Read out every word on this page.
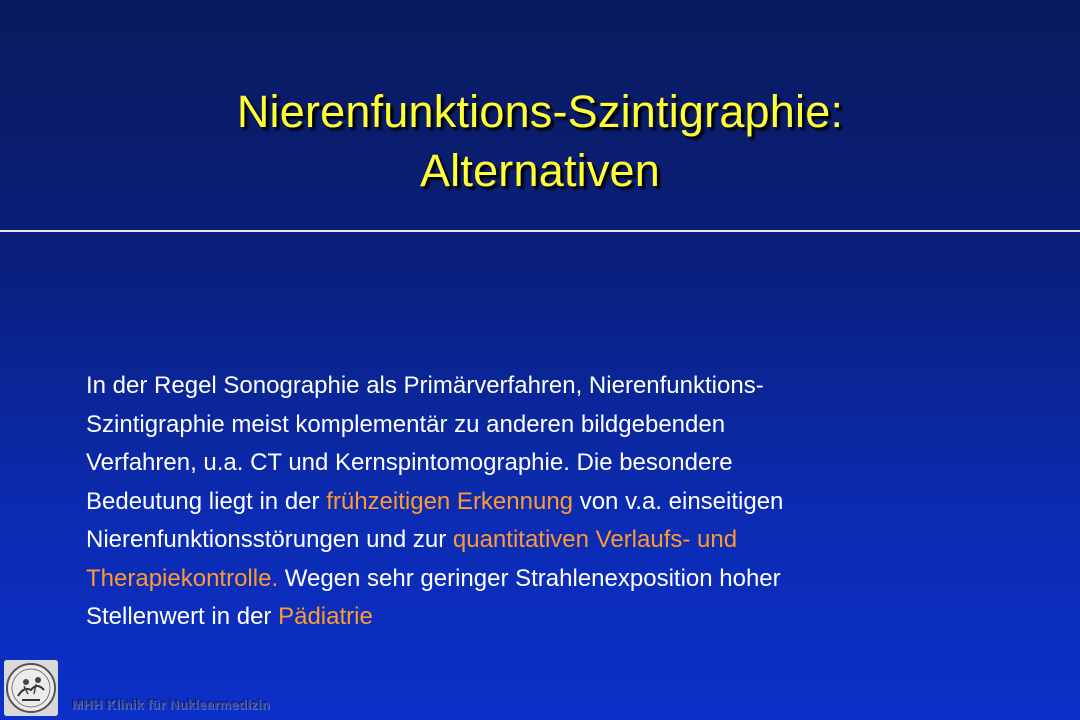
Nierenfunktions-Szintigraphie:
Alternativen
In der Regel Sonographie als Primärverfahren, Nierenfunktions-
Szintigraphie meist komplementär zu anderen bildgebenden
Verfahren, u.a. CT und Kernspintomographie. Die besondere
Bedeutung liegt in der frühzeitigen Erkennung von v.a. einseitigen
Nierenfunktionsstörungen und zur quantitativen Verlaufs- und
Therapiekontrolle. Wegen sehr geringer Strahlenexposition hoher
Stellenwert in der Pädiatrie
MHH Klinik für Nuklearmedizin
